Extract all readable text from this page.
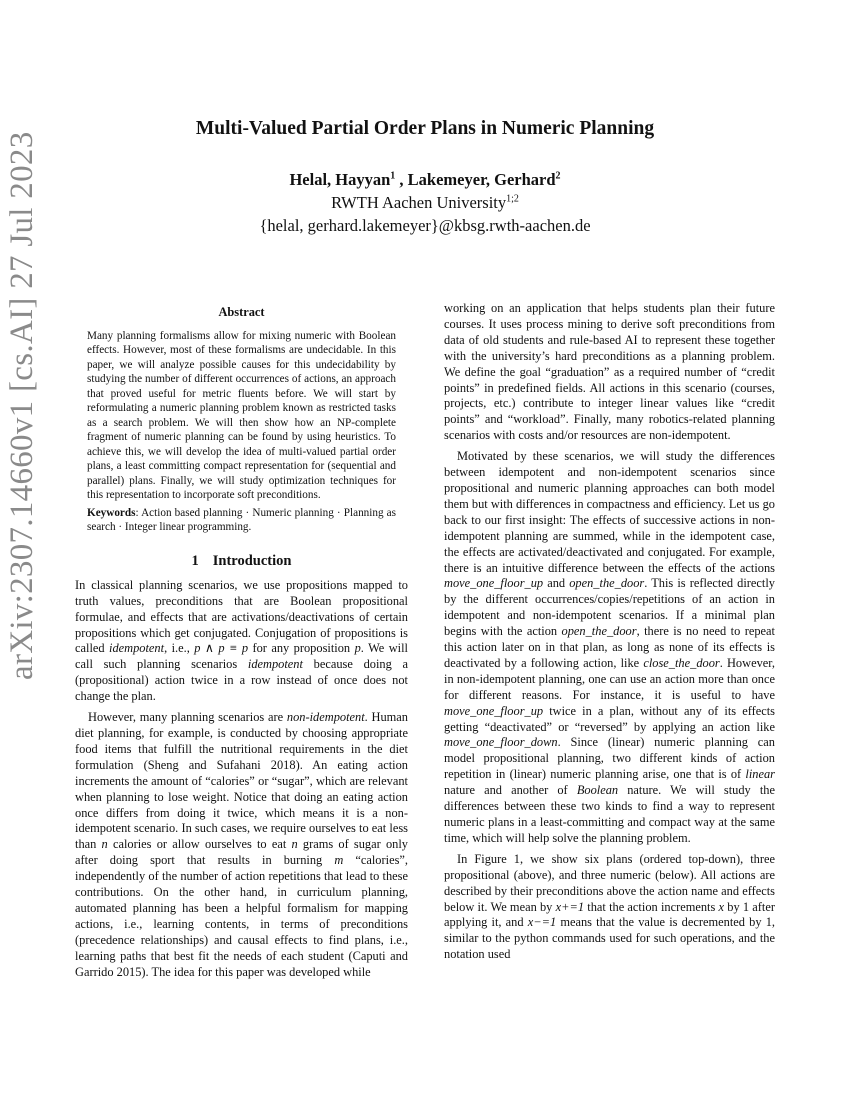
arXiv:2307.14660v1 [cs.AI] 27 Jul 2023
Multi-Valued Partial Order Plans in Numeric Planning
Helal, Hayyan$^1$ , Lakemeyer, Gerhard$^2$
RWTH Aachen University$^{1;2}$
{helal, gerhard.lakemeyer}@kbsg.rwth-aachen.de
Abstract

Many planning formalisms allow for mixing numeric with Boolean effects. However, most of these formalisms are undecidable. In this paper, we will analyze possible causes for this undecidability by studying the number of different occurrences of actions, an approach that proved useful for metric fluents before. We will start by reformulating a numeric planning problem known as restricted tasks as a search problem. We will then show how an NP-complete fragment of numeric planning can be found by using heuristics. To achieve this, we will develop the idea of multi-valued partial order plans, a least committing compact representation for (sequential and parallel) plans. Finally, we will study optimization techniques for this representation to incorporate soft preconditions.

Keywords: Action based planning · Numeric planning · Planning as search · Integer linear programming.

1 Introduction

In classical planning scenarios, we use propositions mapped to truth values, preconditions that are Boolean propositional formulae, and effects that are activations/deactivations of certain propositions which get conjugated. Conjugation of propositions is called idempotent, i.e., p ∧ p ≡ p for any proposition p. We will call such planning scenarios idempotent because doing a (propositional) action twice in a row instead of once does not change the plan.

However, many planning scenarios are non-idempotent. Human diet planning, for example, is conducted by choosing appropriate food items that fulfill the nutritional requirements in the diet formulation (Sheng and Sufahani 2018). An eating action increments the amount of “calories” or “sugar”, which are relevant when planning to lose weight. Notice that doing an eating action once differs from doing it twice, which means it is a non-idempotent scenario. In such cases, we require ourselves to eat less than n calories or allow ourselves to eat n grams of sugar only after doing sport that results in burning m “calories”, independently of the number of action repetitions that lead to these contributions. On the other hand, in curriculum planning, automated planning has been a helpful formalism for mapping actions, i.e., learning contents, in terms of preconditions (precedence relationships) and causal effects to find plans, i.e., learning paths that best fit the needs of each student (Caputi and Garrido 2015). The idea for this paper was developed while

working on an application that helps students plan their future courses. It uses process mining to derive soft preconditions from data of old students and rule-based AI to represent these together with the university’s hard preconditions as a planning problem. We define the goal “graduation” as a required number of “credit points” in predefined fields. All actions in this scenario (courses, projects, etc.) contribute to integer linear values like “credit points” and “workload”. Finally, many robotics-related planning scenarios with costs and/or resources are non-idempotent.

Motivated by these scenarios, we will study the differences between idempotent and non-idempotent scenarios since propositional and numeric planning approaches can both model them but with differences in compactness and efficiency. Let us go back to our first insight: The effects of successive actions in non-idempotent planning are summed, while in the idempotent case, the effects are activated/deactivated and conjugated. For example, there is an intuitive difference between the effects of the actions move_one_floor_up and open_the_door. This is reflected directly by the different occurrences/copies/repetitions of an action in idempotent and non-idempotent scenarios. If a minimal plan begins with the action open_the_door, there is no need to repeat this action later on in that plan, as long as none of its effects is deactivated by a following action, like close_the_door. However, in non-idempotent planning, one can use an action more than once for different reasons. For instance, it is useful to have move_one_floor_up twice in a plan, without any of its effects getting “deactivated” or “reversed” by applying an action like move_one_floor_down. Since (linear) numeric planning can model propositional planning, two different kinds of action repetition in (linear) numeric planning arise, one that is of linear nature and another of Boolean nature. We will study the differences between these two kinds to find a way to represent numeric plans in a least-committing and compact way at the same time, which will help solve the planning problem.

In Figure 1, we show six plans (ordered top-down), three propositional (above), and three numeric (below). All actions are described by their preconditions above the action name and effects below it. We mean by x+=1 that the action increments x by 1 after applying it, and x−=1 means that the value is decremented by 1, similar to the python commands used for such operations, and the notation used
